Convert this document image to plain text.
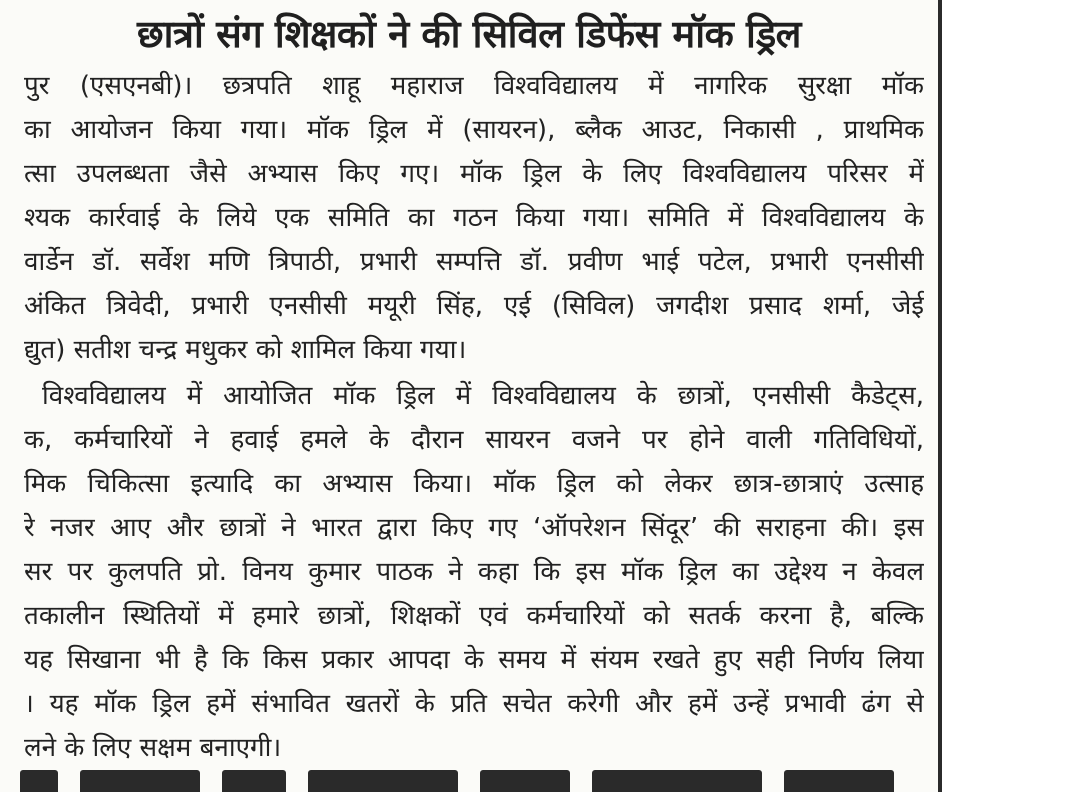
छात्रों संग शिक्षकों ने की सिविल डिफेंस मॉक ड्रिल
पुर (एसएनबी)। छत्रपति शाहू महाराज विश्वविद्यालय में नागरिक सुरक्षा मॉक
का आयोजन किया गया। मॉक ड्रिल में (सायरन), ब्लैक आउट, निकासी , प्राथमिक
त्सा उपलब्धता जैसे अभ्यास किए गए। मॉक ड्रिल के लिए विश्वविद्यालय परिसर में
श्यक कार्रवाई के लिये एक समिति का गठन किया गया। समिति में विश्वविद्यालय के
वार्डेन डॉ. सर्वेश मणि त्रिपाठी, प्रभारी सम्पत्ति डॉ. प्रवीण भाई पटेल, प्रभारी एनसीसी
अंकित त्रिवेदी, प्रभारी एनसीसी मयूरी सिंह, एई (सिविल) जगदीश प्रसाद शर्मा, जेई
द्युत) सतीश चन्द्र मधुकर को शामिल किया गया।
विश्वविद्यालय में आयोजित मॉक ड्रिल में विश्वविद्यालय के छात्रों, एनसीसी कैडेट्स,
क, कर्मचारियों ने हवाई हमले के दौरान सायरन वजने पर होने वाली गतिविधियों,
मिक चिकित्सा इत्यादि का अभ्यास किया। मॉक ड्रिल को लेकर छात्र-छात्राएं उत्साह
रे नजर आए और छात्रों ने भारत द्वारा किए गए ‘ऑपरेशन सिंदूर’ की सराहना की। इस
सर पर कुलपति प्रो. विनय कुमार पाठक ने कहा कि इस मॉक ड्रिल का उद्देश्य न केवल
तकालीन स्थितियों में हमारे छात्रों, शिक्षकों एवं कर्मचारियों को सतर्क करना है, बल्कि
यह सिखाना भी है कि किस प्रकार आपदा के समय में संयम रखते हुए सही निर्णय लिया
। यह मॉक ड्रिल हमें संभावित खतरों के प्रति सचेत करेगी और हमें उन्हें प्रभावी ढंग से
लने के लिए सक्षम बनाएगी।
